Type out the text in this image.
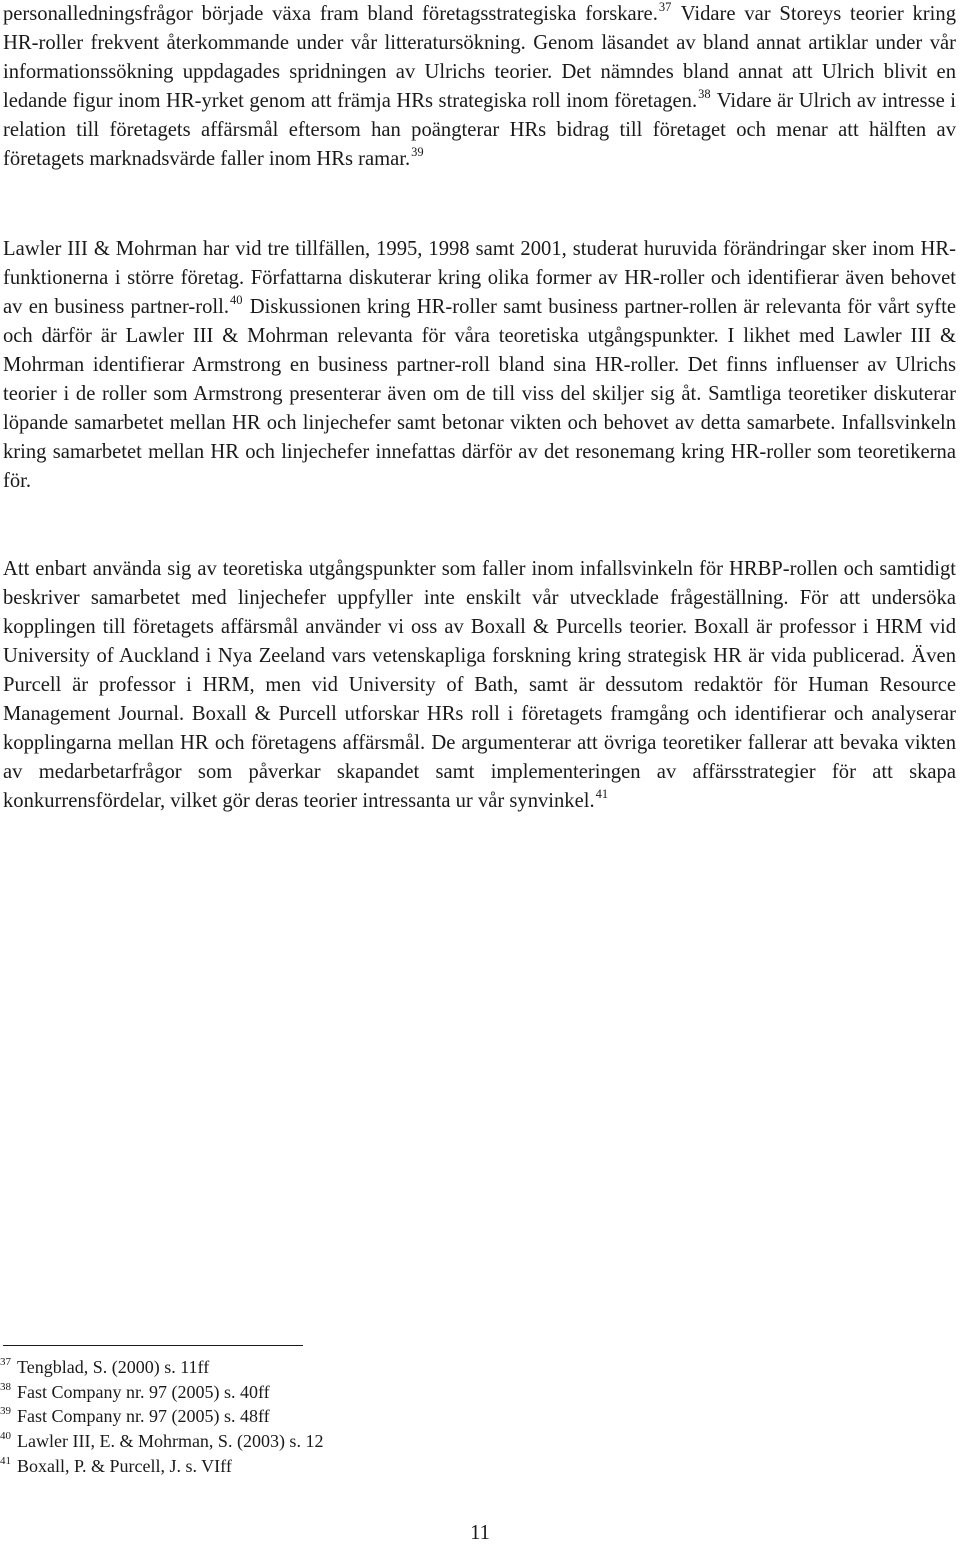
personalledningsfrågor började växa fram bland företagsstrategiska forskare.$^{37}$ Vidare var Storeys teorier kring HR-roller frekvent återkommande under vår litteratursökning. Genom läsandet av bland annat artiklar under vår informationssökning uppdagades spridningen av Ulrichs teorier. Det nämndes bland annat att Ulrich blivit en ledande figur inom HR-yrket genom att främja HRs strategiska roll inom företagen.$^{38}$ Vidare är Ulrich av intresse i relation till företagets affärsmål eftersom han poängterar HRs bidrag till företaget och menar att hälften av företagets marknadsvärde faller inom HRs ramar.$^{39}$

Lawler III & Mohrman har vid tre tillfällen, 1995, 1998 samt 2001, studerat huruvida förändringar sker inom HR-funktionerna i större företag. Författarna diskuterar kring olika former av HR-roller och identifierar även behovet av en business partner-roll.$^{40}$ Diskussionen kring HR-roller samt business partner-rollen är relevanta för vårt syfte och därför är Lawler III & Mohrman relevanta för våra teoretiska utgångspunkter. I likhet med Lawler III & Mohrman identifierar Armstrong en business partner-roll bland sina HR-roller. Det finns influenser av Ulrichs teorier i de roller som Armstrong presenterar även om de till viss del skiljer sig åt. Samtliga teoretiker diskuterar löpande samarbetet mellan HR och linjechefer samt betonar vikten och behovet av detta samarbete. Infallsvinkeln kring samarbetet mellan HR och linjechefer innefattas därför av det resonemang kring HR-roller som teoretikerna för.

Att enbart använda sig av teoretiska utgångspunkter som faller inom infallsvinkeln för HRBP-rollen och samtidigt beskriver samarbetet med linjechefer uppfyller inte enskilt vår utvecklade frågeställning. För att undersöka kopplingen till företagets affärsmål använder vi oss av Boxall & Purcells teorier. Boxall är professor i HRM vid University of Auckland i Nya Zeeland vars vetenskapliga forskning kring strategisk HR är vida publicerad. Även Purcell är professor i HRM, men vid University of Bath, samt är dessutom redaktör för Human Resource Management Journal. Boxall & Purcell utforskar HRs roll i företagets framgång och identifierar och analyserar kopplingarna mellan HR och företagens affärsmål. De argumenterar att övriga teoretiker fallerar att bevaka vikten av medarbetarfrågor som påverkar skapandet samt implementeringen av affärsstrategier för att skapa konkurrensfördelar, vilket gör deras teorier intressanta ur vår synvinkel.$^{41}$

$^{37}$ Tengblad, S. (2000) s. 11ff
$^{38}$ Fast Company nr. 97 (2005) s. 40ff
$^{39}$ Fast Company nr. 97 (2005) s. 48ff
$^{40}$ Lawler III, E. & Mohrman, S. (2003) s. 12
$^{41}$ Boxall, P. & Purcell, J. s. VIff
11
